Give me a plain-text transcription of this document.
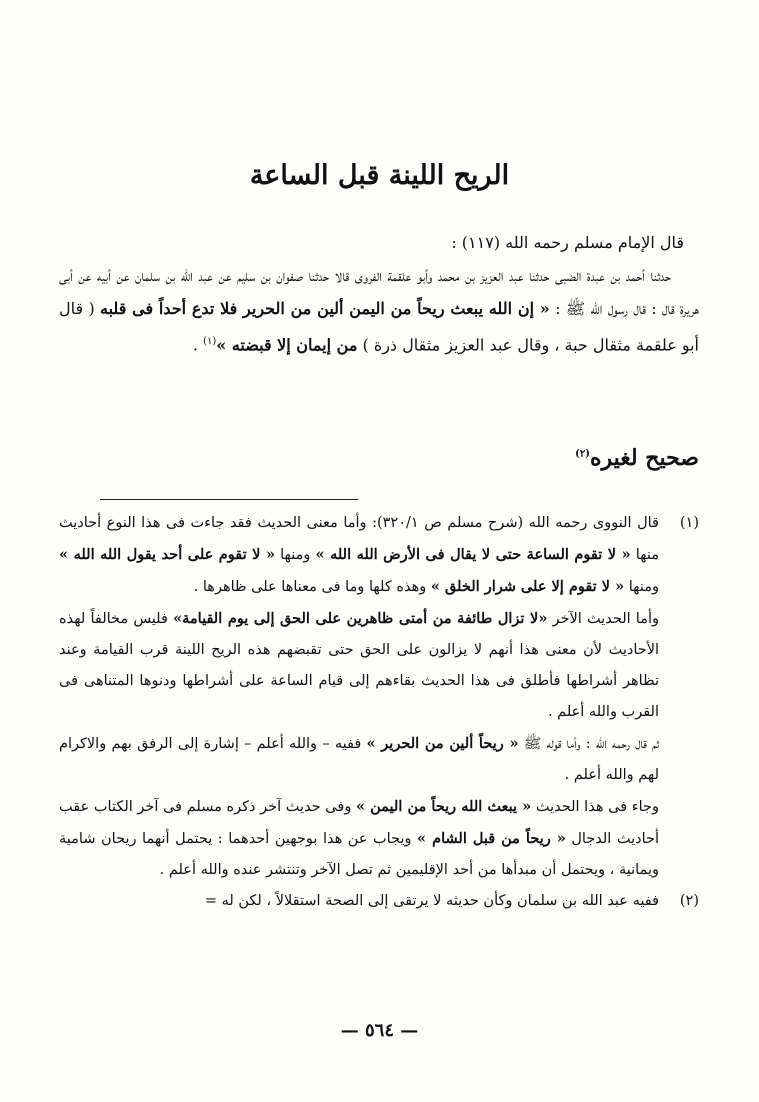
الريح اللينة قبل الساعة

قال الإمام مسلم رحمه الله (١١٧) :

حدثنا أحمد بن عبدة الضبى حدثنا عبد العزيز بن محمد وأبو علقمة الفروى قالا حدثنا صفوان بن سليم عن عبد الله بن سلمان عن أبيه عن أبى هريرة قال : قال رسول الله ﷺ : « إن الله يبعث ريحاً من اليمن ألين من الحرير فلا تدع أحداً فى قلبه ( قال أبو علقمة مثقال حبة ، وقال عبد العزيز مثقال ذرة ) من إيمان إلا قبضته »$^{(١)}$ .

صحيح لغيره$^{(٢)}$
(١)

قال النووى رحمه الله (شرح مسلم ص ٣٢٠/١): وأما معنى الحديث فقد جاءت فى هذا النوع أحاديث منها « لا تقوم الساعة حتى لا يقال فى الأرض الله الله » ومنها « لا تقوم على أحد يقول الله الله » ومنها « لا تقوم إلا على شرار الخلق » وهذه كلها وما فى معناها على ظاهرها .

وأما الحديث الآخر «لا تزال طائفة من أمتى ظاهرين على الحق إلى يوم القيامة» فليس مخالفاً لهذه الأحاديث لأن معنى هذا أنهم لا يزالون على الحق حتى تقبضهم هذه الريح اللينة قرب القيامة وعند تظاهر أشراطها فأطلق فى هذا الحديث بقاءهم إلى قيام الساعة على أشراطها ودنوها المتناهى فى القرب والله أعلم .

ثم قال رحمه الله : وأما قوله ﷺ « ريحاً ألين من الحرير » ففيه – والله أعلم – إشارة إلى الرفق بهم والاكرام لهم والله أعلم .

وجاء فى هذا الحديث « يبعث الله ريحاً من اليمن » وفى حديث آخر ذكره مسلم فى آخر الكتاب عقب أحاديث الدجال « ريحاً من قبل الشام » ويجاب عن هذا بوجهين أحدهما : يحتمل أنهما ريحان شامية ويمانية ، ويحتمل أن مبدأها من أحد الإقليمين ثم تصل الآخر وتنتشر عنده والله أعلم .

(٢)

ففيه عبد الله بن سلمان وكأن حديثه لا يرتقى إلى الصحة استقلالاً ، لكن له =

— ٥٦٤ —
